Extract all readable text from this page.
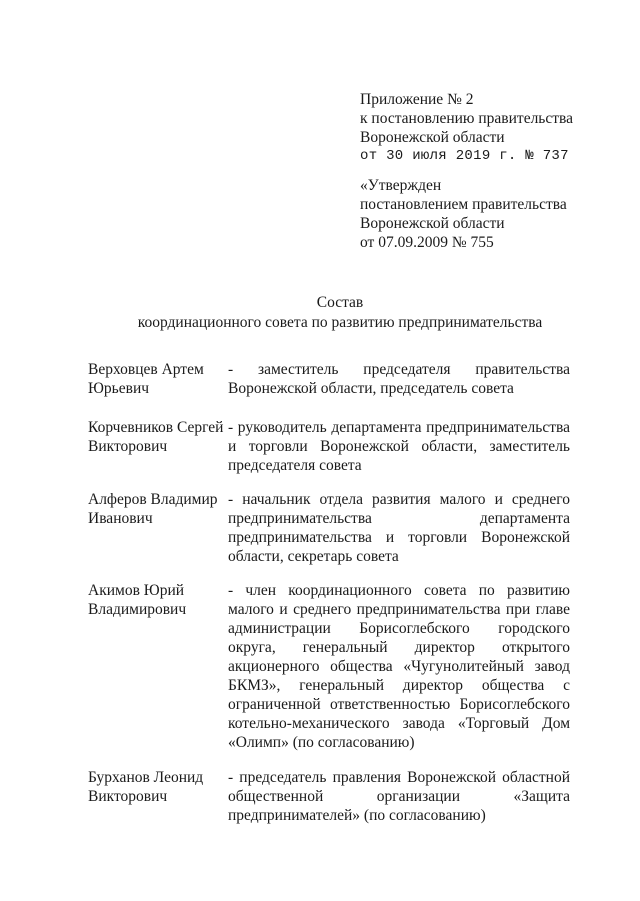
Приложение № 2
к постановлению правительства
Воронежской области
от 30 июля 2019 г. № 737
«Утвержден
постановлением правительства
Воронежской области
от 07.09.2009 № 755
Состав
координационного совета по развитию предпринимательства
Верховцев Артем Юрьевич
- заместитель председателя правительства Воронежской области, председатель совета
Корчевников Сергей Викторович
- руководитель департамента предпринимательства и торговли Воронежской области, заместитель председателя совета
Алферов Владимир Иванович
- начальник отдела развития малого и среднего предпринимательства департамента предпринимательства и торговли Воронежской области, секретарь совета
Акимов Юрий Владимирович
- член координационного совета по развитию малого и среднего предпринимательства при главе администрации Борисоглебского городского округа, генеральный директор открытого акционерного общества «Чугунолитейный завод БКМЗ», генеральный директор общества с ограниченной ответственностью Борисоглебского котельно-механического завода «Торговый Дом «Олимп» (по согласованию)
Бурханов Леонид Викторович
- председатель правления Воронежской областной общественной организации «Защита предпринимателей» (по согласованию)
